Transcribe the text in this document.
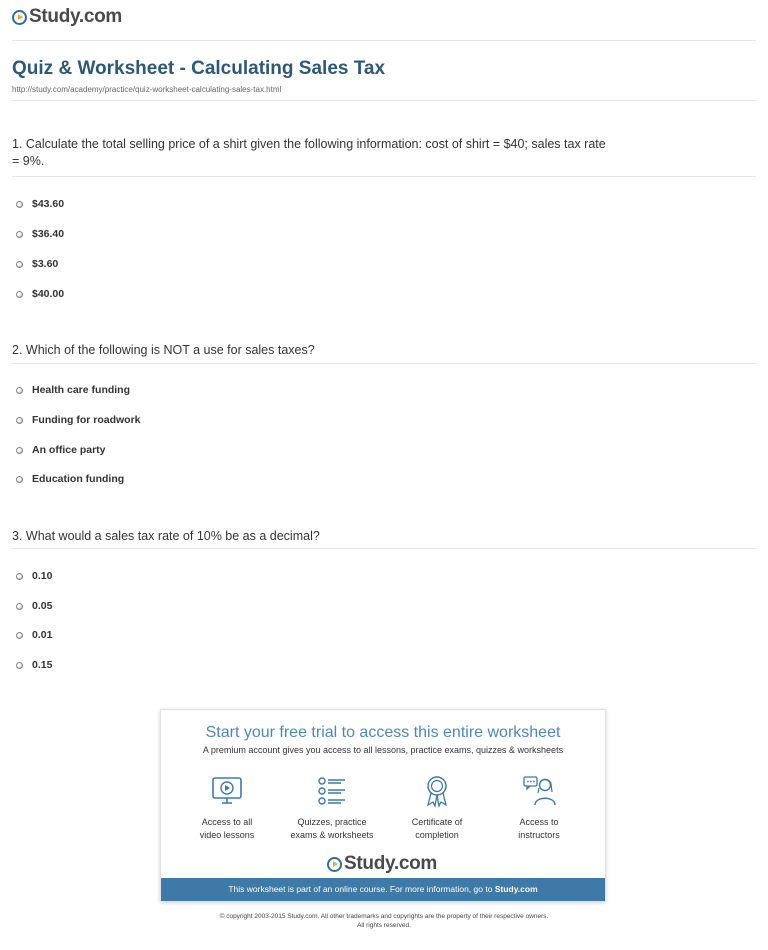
Study.com
Quiz & Worksheet - Calculating Sales Tax
http://study.com/academy/practice/quiz-worksheet-calculating-sales-tax.html
1. Calculate the total selling price of a shirt given the following information: cost of shirt = $40; sales tax rate = 9%.
$43.60
$36.40
$3.60
$40.00
2. Which of the following is NOT a use for sales taxes?
Health care funding
Funding for roadwork
An office party
Education funding
3. What would a sales tax rate of 10% be as a decimal?
0.10
0.05
0.01
0.15
Start your free trial to access this entire worksheet
A premium account gives you access to all lessons, practice exams, quizzes & worksheets
Access to all
video lessons
Quizzes, practice
exams & worksheets
Certificate of
completion
Access to
instructors
Study.com
This worksheet is part of an online course. For more information, go to Study.com
© copyright 2003-2015 Study.com. All other trademarks and copyrights are the property of their respective owners.
All rights reserved.
